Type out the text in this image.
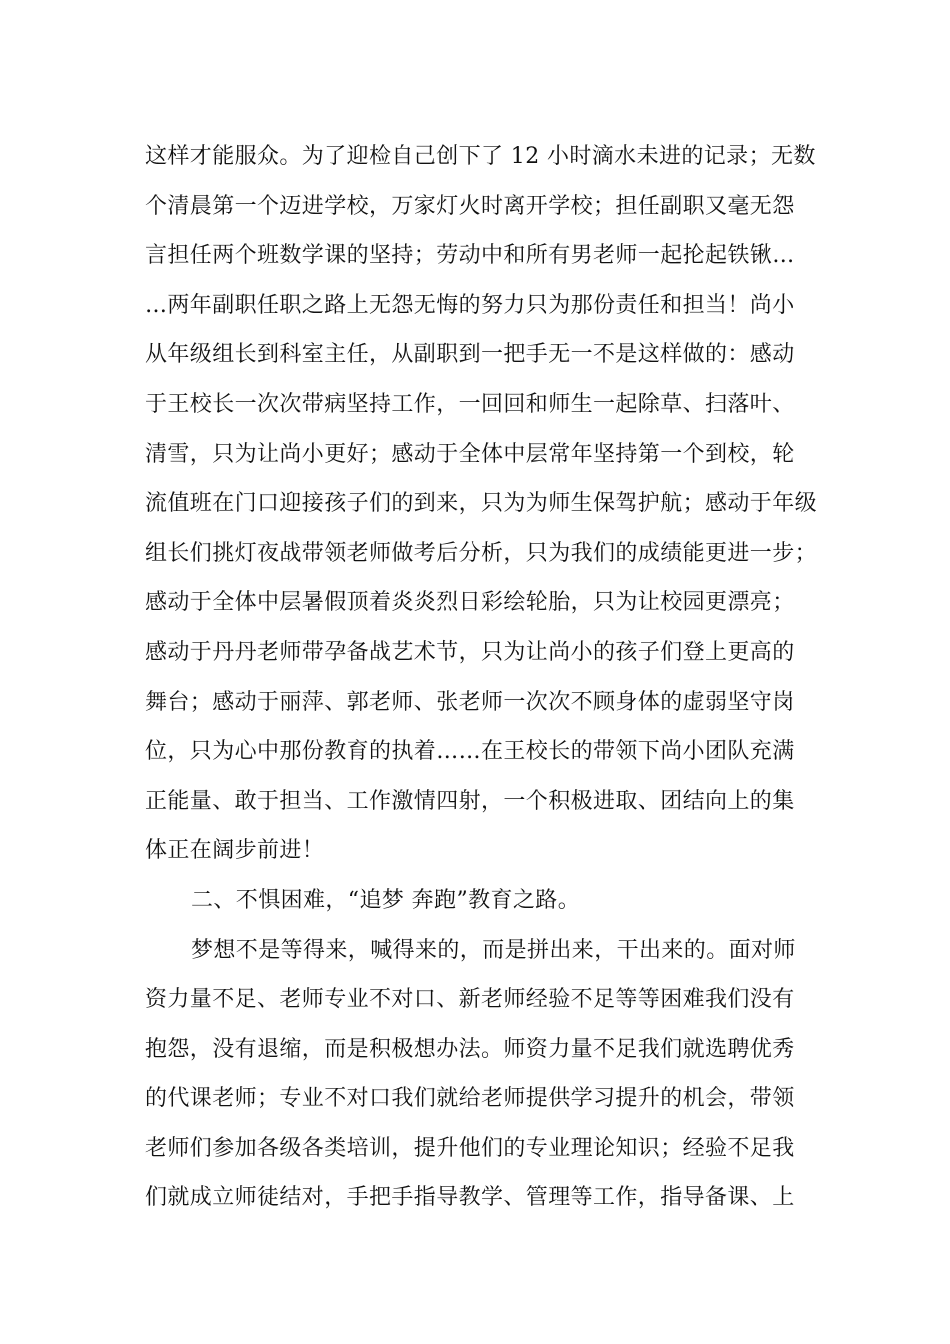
这样才能服众。为了迎检自己创下了 12 小时滴水未进的记录；无数
个清晨第一个迈进学校，万家灯火时离开学校；担任副职又毫无怨
言担任两个班数学课的坚持；劳动中和所有男老师一起抡起铁锹…
…两年副职任职之路上无怨无悔的努力只为那份责任和担当！尚小
从年级组长到科室主任，从副职到一把手无一不是这样做的：感动
于王校长一次次带病坚持工作，一回回和师生一起除草、扫落叶、
清雪，只为让尚小更好；感动于全体中层常年坚持第一个到校，轮
流值班在门口迎接孩子们的到来，只为为师生保驾护航；感动于年级
组长们挑灯夜战带领老师做考后分析，只为我们的成绩能更进一步；
感动于全体中层暑假顶着炎炎烈日彩绘轮胎，只为让校园更漂亮；
感动于丹丹老师带孕备战艺术节，只为让尚小的孩子们登上更高的
舞台；感动于丽萍、郭老师、张老师一次次不顾身体的虚弱坚守岗
位，只为心中那份教育的执着……在王校长的带领下尚小团队充满
正能量、敢于担当、工作激情四射，一个积极进取、团结向上的集
体正在阔步前进！
二、不惧困难，“追梦 奔跑”教育之路。
梦想不是等得来，喊得来的，而是拼出来，干出来的。面对师
资力量不足、老师专业不对口、新老师经验不足等等困难我们没有
抱怨，没有退缩，而是积极想办法。师资力量不足我们就选聘优秀
的代课老师；专业不对口我们就给老师提供学习提升的机会，带领
老师们参加各级各类培训，提升他们的专业理论知识；经验不足我
们就成立师徒结对，手把手指导教学、管理等工作，指导备课、上
